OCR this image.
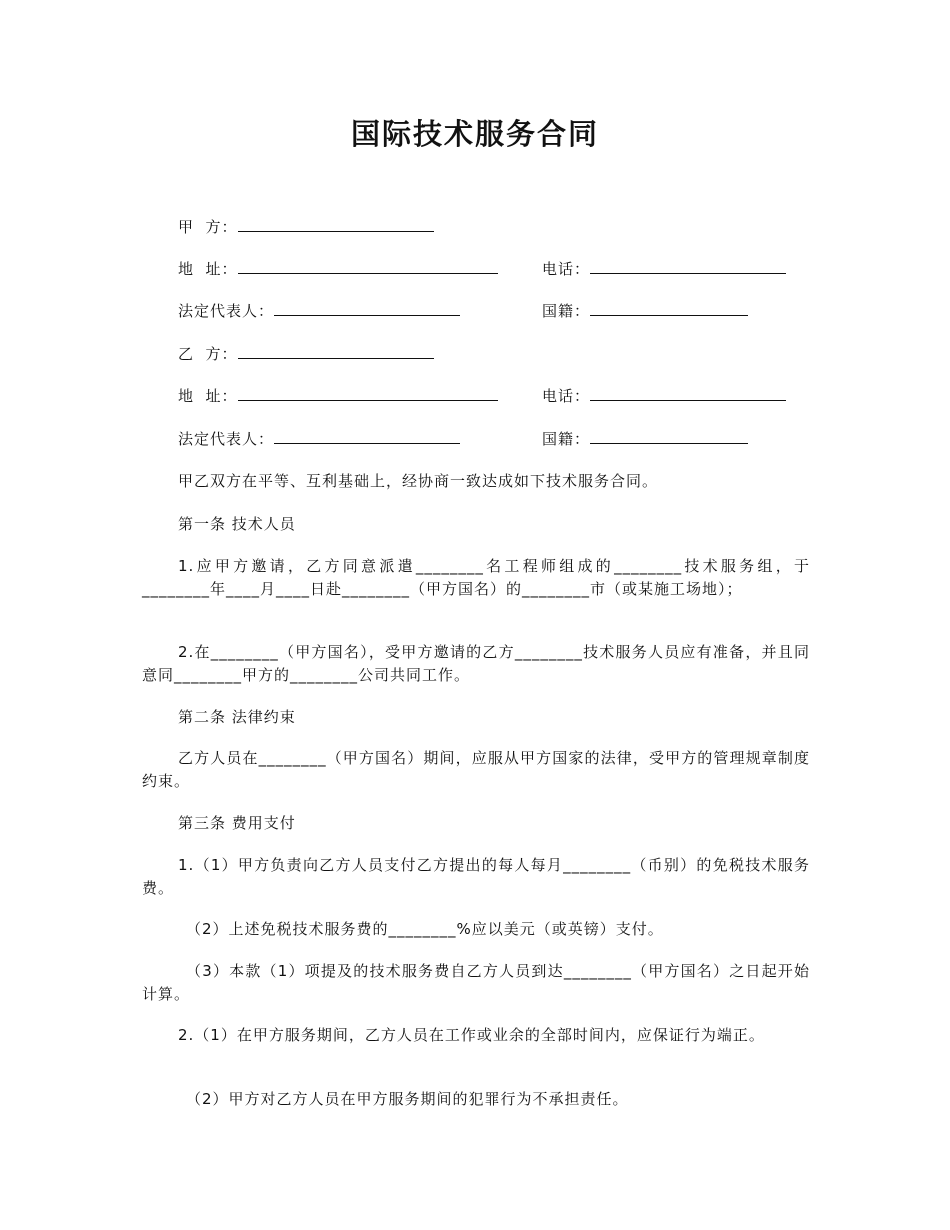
国际技术服务合同
甲  方：
地  址：	电话：
法定代表人：	国籍：
乙  方：
地  址：	电话：
法定代表人：	国籍：
甲乙双方在平等、互利基础上，经协商一致达成如下技术服务合同。
第一条 技术人员
1.应甲方邀请，乙方同意派遣________名工程师组成的________技术服务组，于________年____月____日赴________（甲方国名）的________市（或某施工场地）；
2.在________（甲方国名），受甲方邀请的乙方________技术服务人员应有准备，并且同意同________甲方的________公司共同工作。
第二条 法律约束
乙方人员在________（甲方国名）期间，应服从甲方国家的法律，受甲方的管理规章制度约束。
第三条 费用支付
1.（1）甲方负责向乙方人员支付乙方提出的每人每月________（币别）的免税技术服务费。
（2）上述免税技术服务费的________%应以美元（或英镑）支付。
（3）本款（1）项提及的技术服务费自乙方人员到达________（甲方国名）之日起开始计算。
2.（1）在甲方服务期间，乙方人员在工作或业余的全部时间内，应保证行为端正。
（2）甲方对乙方人员在甲方服务期间的犯罪行为不承担责任。
